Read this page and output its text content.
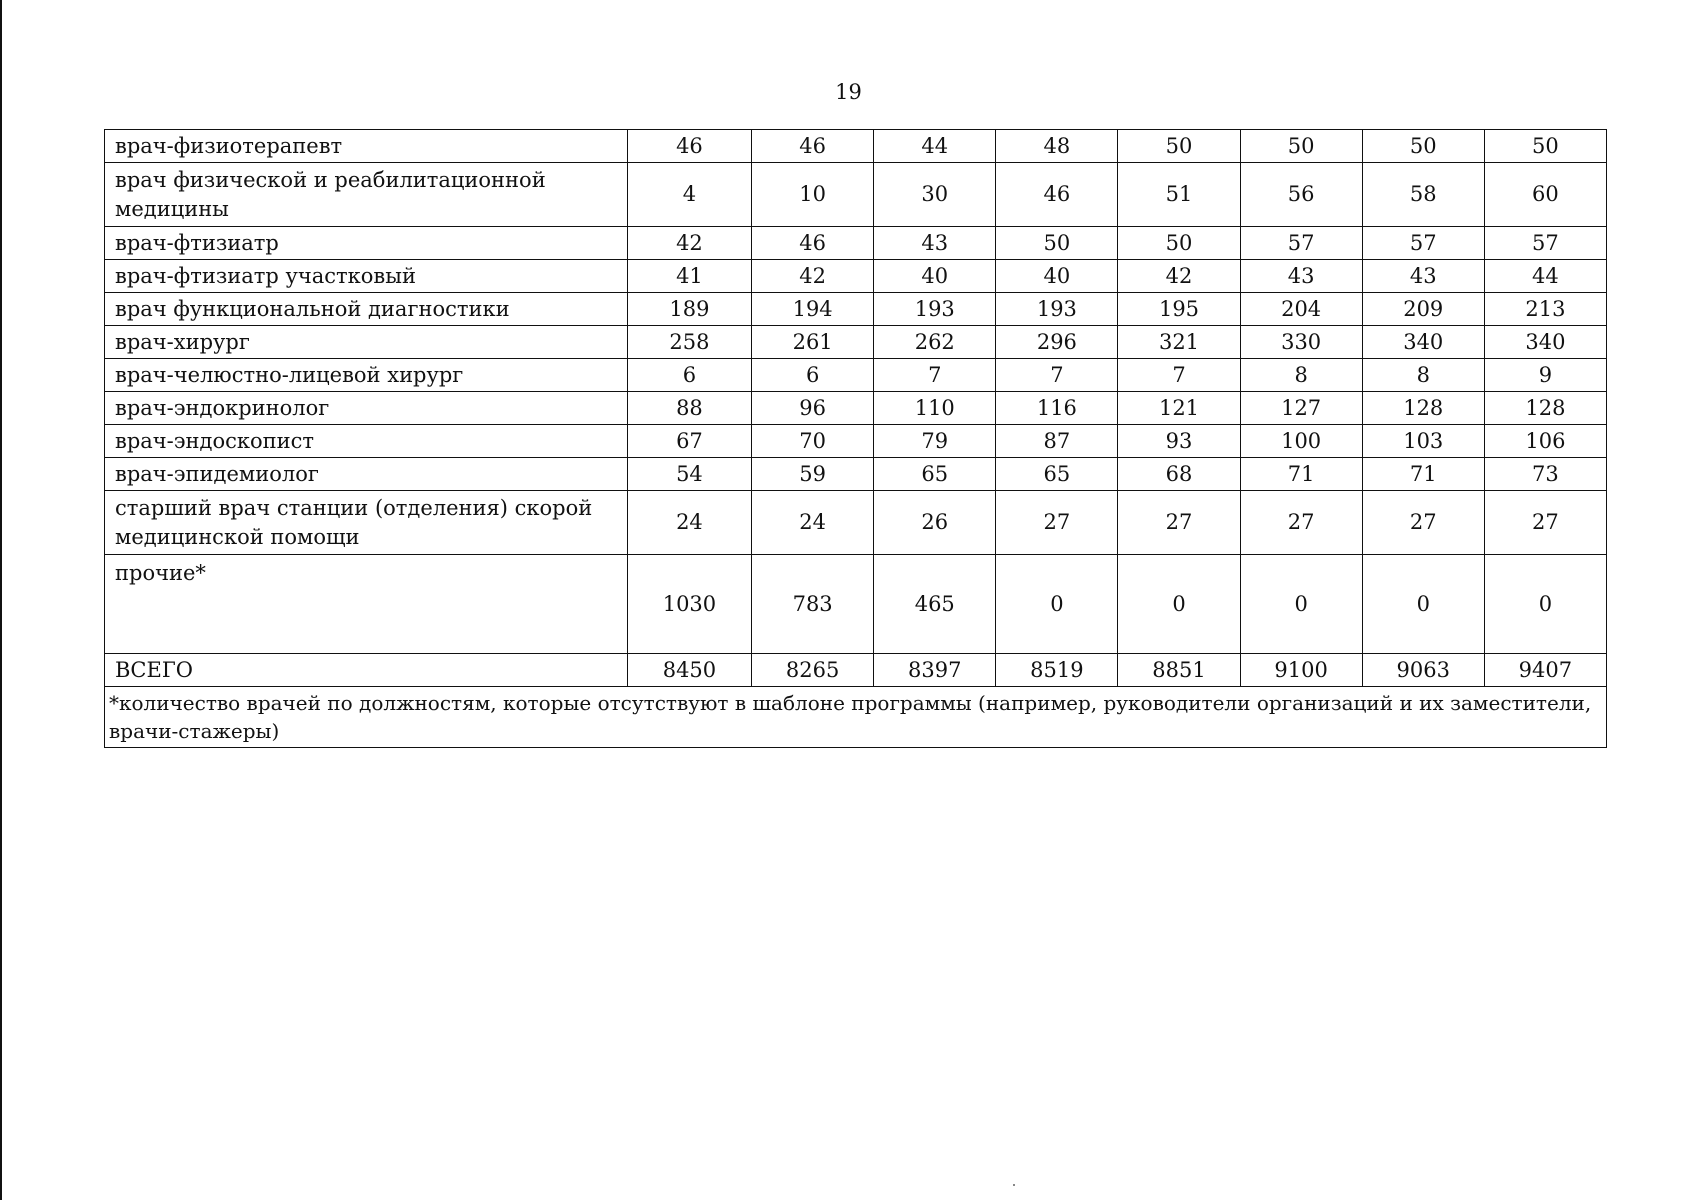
19
врач-физиотерапевт	46	46	44	48	50	50	50	50
врач физической и реабилитационной медицины	4	10	30	46	51	56	58	60
врач-фтизиатр	42	46	43	50	50	57	57	57
врач-фтизиатр участковый	41	42	40	40	42	43	43	44
врач функциональной диагностики	189	194	193	193	195	204	209	213
врач-хирург	258	261	262	296	321	330	340	340
врач-челюстно-лицевой хирург	6	6	7	7	7	8	8	9
врач-эндокринолог	88	96	110	116	121	127	128	128
врач-эндоскопист	67	70	79	87	93	100	103	106
врач-эпидемиолог	54	59	65	65	68	71	71	73
старший врач станции (отделения) скорой медицинской помощи	24	24	26	27	27	27	27	27
прочие*	1030	783	465	0	0	0	0	0
ВСЕГО	8450	8265	8397	8519	8851	9100	9063	9407
*количество врачей по должностям, которые отсутствуют в шаблоне программы (например, руководители организаций и их заместители, врачи-стажеры)								
